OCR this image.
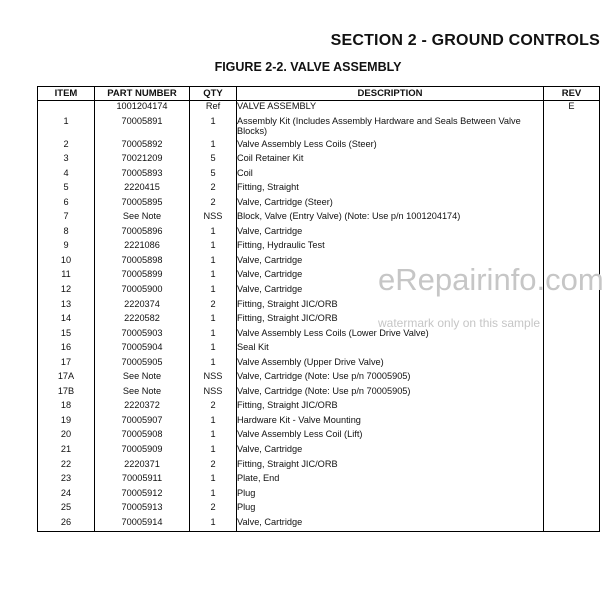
SECTION 2 - GROUND CONTROLS
FIGURE 2-2. VALVE ASSEMBLY
ITEM	PART NUMBER	QTY	DESCRIPTION	REV
	1001204174	Ref	VALVE ASSEMBLY	E
1	70005891	1	Assembly Kit (Includes Assembly Hardware and Seals Between Valve Blocks)	
2	70005892	1	Valve Assembly Less Coils (Steer)	
3	70021209	5	Coil Retainer Kit	
4	70005893	5	Coil	
5	2220415	2	Fitting, Straight	
6	70005895	2	Valve, Cartridge (Steer)	
7	See Note	NSS	Block, Valve (Entry Valve) (Note: Use p/n 1001204174)	
8	70005896	1	Valve, Cartridge	
9	2221086	1	Fitting, Hydraulic Test	
10	70005898	1	Valve, Cartridge	
11	70005899	1	Valve, Cartridge	
12	70005900	1	Valve, Cartridge	
13	2220374	2	Fitting, Straight JIC/ORB	
14	2220582	1	Fitting, Straight JIC/ORB	
15	70005903	1	Valve Assembly Less Coils (Lower Drive Valve)	
16	70005904	1	Seal Kit	
17	70005905	1	Valve Assembly (Upper Drive Valve)	
17A	See Note	NSS	Valve, Cartridge (Note: Use p/n 70005905)	
17B	See Note	NSS	Valve, Cartridge (Note: Use p/n 70005905)	
18	2220372	2	Fitting, Straight JIC/ORB	
19	70005907	1	Hardware Kit - Valve Mounting	
20	70005908	1	Valve Assembly Less Coil (Lift)	
21	70005909	1	Valve, Cartridge	
22	2220371	2	Fitting, Straight JIC/ORB	
23	70005911	1	Plate, End	
24	70005912	1	Plug	
25	70005913	2	Plug	
26	70005914	1	Valve, Cartridge	
eRepairinfo.com
watermark only on this sample
